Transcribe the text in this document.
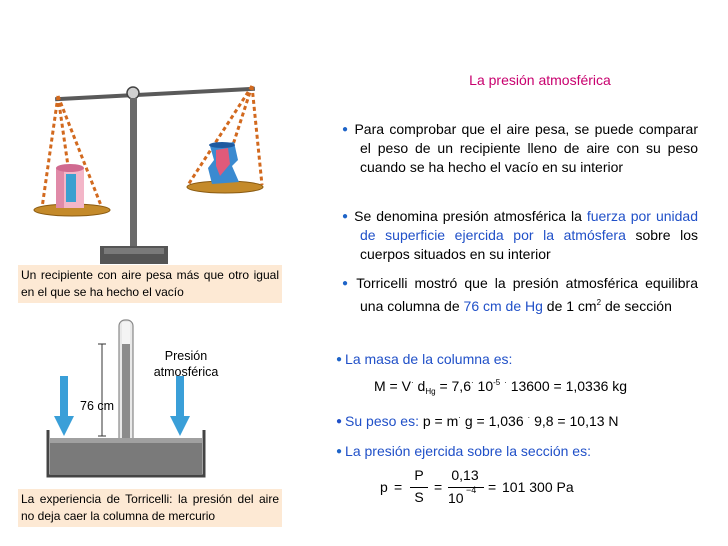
La presión atmosférica
Un recipiente con aire pesa más que otro igual en el que se ha hecho el vacío
Presión
atmosférica
76 cm
La experiencia de Torricelli: la presión del aire no deja caer la columna de mercurio
● Para comprobar que el aire pesa, se puede comparar el peso de un recipiente lleno de aire con su peso cuando se ha hecho el vacío en su interior
● Se denomina presión atmosférica la fuerza por unidad de superficie ejercida por la atmósfera sobre los cuerpos situados en su interior
● Torricelli mostró que la presión atmosférica equilibra una columna de 76 cm de Hg de 1 $cm^2$ de sección
● La masa de la columna es:
M = V· $d_{Hg} = 7,6^\cdot$ $10^{-5}$ · 13600 = 1,0336 kg
● Su peso es: p = m· g = 1,036 · 9,8 = 10,13 N
● La presión ejercida sobre la sección es:
p =
P
S
=
0,13
10 −4 = 101 300 Pa
